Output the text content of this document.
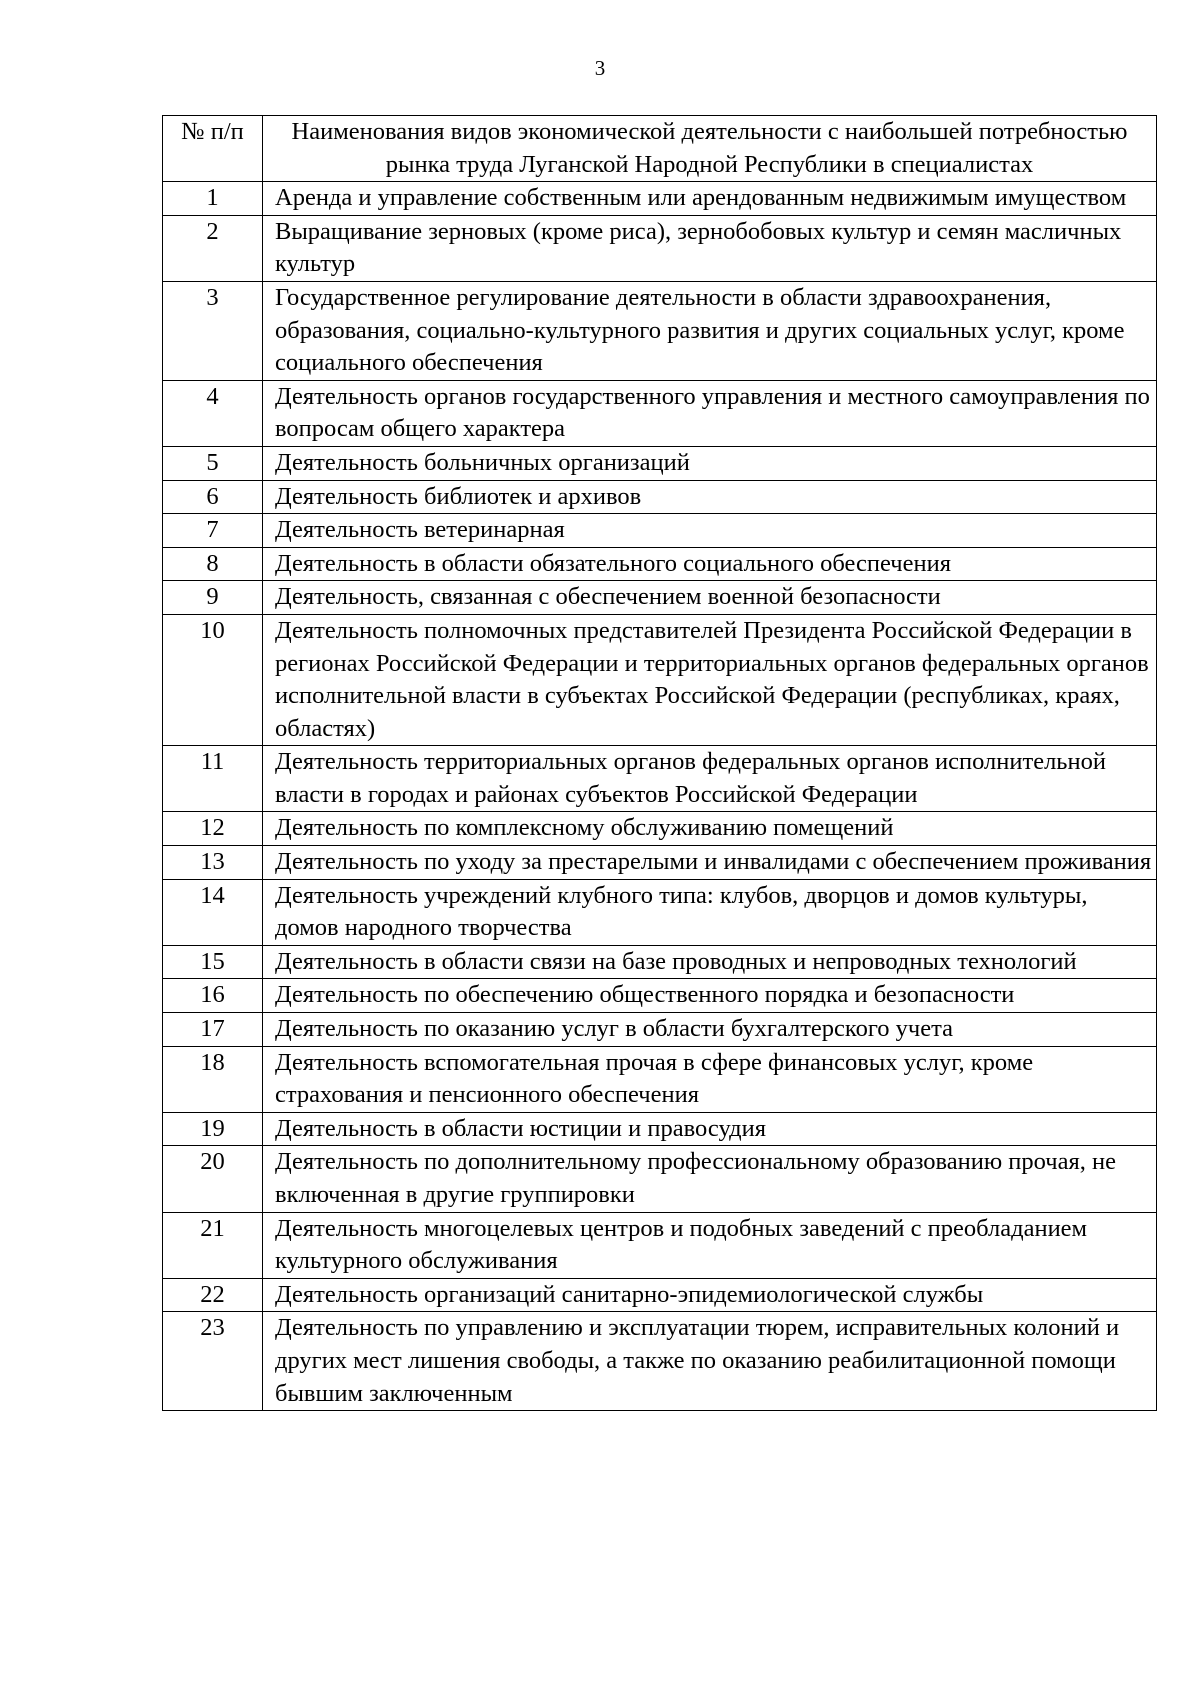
3
№ п/п	Наименования видов экономической деятельности с наибольшей потребностью рынка труда Луганской Народной Республики в специалистах
1	Аренда и управление собственным или арендованным недвижимым имуществом
2	Выращивание зерновых (кроме риса), зернобобовых культур и семян масличных культур
3	Государственное регулирование деятельности в области здравоохранения, образования, социально-культурного развития и других социальных услуг, кроме социального обеспечения
4	Деятельность органов государственного управления и местного самоуправления по вопросам общего характера
5	Деятельность больничных организаций
6	Деятельность библиотек и архивов
7	Деятельность ветеринарная
8	Деятельность в области обязательного социального обеспечения
9	Деятельность, связанная с обеспечением военной безопасности
10	Деятельность полномочных представителей Президента Российской Федерации в регионах Российской Федерации и территориальных органов федеральных органов исполнительной власти в субъектах Российской Федерации (республиках, краях, областях)
11	Деятельность территориальных органов федеральных органов исполнительной власти в городах и районах субъектов Российской Федерации
12	Деятельность по комплексному обслуживанию помещений
13	Деятельность по уходу за престарелыми и инвалидами с обеспечением проживания
14	Деятельность учреждений клубного типа: клубов, дворцов и домов культуры, домов народного творчества
15	Деятельность в области связи на базе проводных и непроводных технологий
16	Деятельность по обеспечению общественного порядка и безопасности
17	Деятельность по оказанию услуг в области бухгалтерского учета
18	Деятельность вспомогательная прочая в сфере финансовых услуг, кроме страхования и пенсионного обеспечения
19	Деятельность в области юстиции и правосудия
20	Деятельность по дополнительному профессиональному образованию прочая, не включенная в другие группировки
21	Деятельность многоцелевых центров и подобных заведений с преобладанием культурного обслуживания
22	Деятельность организаций санитарно-эпидемиологической службы
23	Деятельность по управлению и эксплуатации тюрем, исправительных колоний и других мест лишения свободы, а также по оказанию реабилитационной помощи бывшим заключенным
